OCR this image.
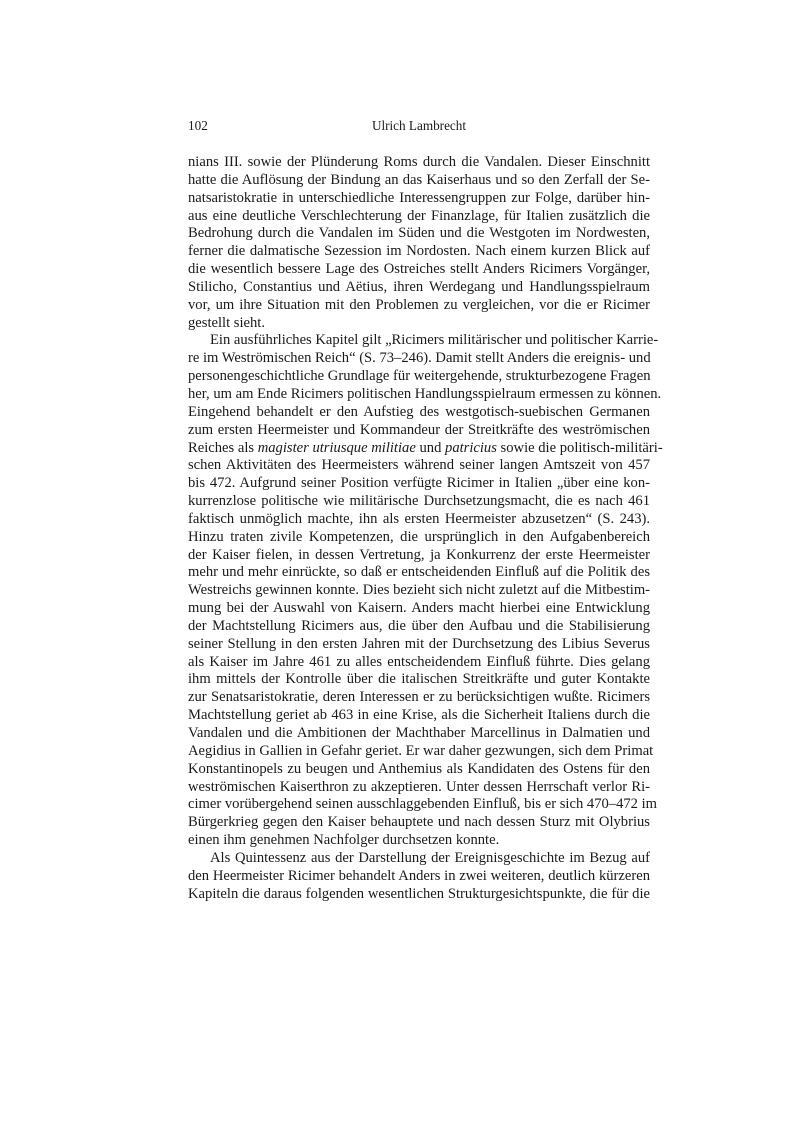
102	Ulrich Lambrecht
nians III. sowie der Plünderung Roms durch die Vandalen. Dieser Einschnitt
hatte die Auflösung der Bindung an das Kaiserhaus und so den Zerfall der Se-
natsaristokratie in unterschiedliche Interessengruppen zur Folge, darüber hin-
aus eine deutliche Verschlechterung der Finanzlage, für Italien zusätzlich die
Bedrohung durch die Vandalen im Süden und die Westgoten im Nordwesten,
ferner die dalmatische Sezession im Nordosten. Nach einem kurzen Blick auf
die wesentlich bessere Lage des Ostreiches stellt Anders Ricimers Vorgänger,
Stilicho, Constantius und Aëtius, ihren Werdegang und Handlungsspielraum
vor, um ihre Situation mit den Problemen zu vergleichen, vor die er Ricimer
gestellt sieht.
Ein ausführliches Kapitel gilt „Ricimers militärischer und politischer Karrie-
re im Weströmischen Reich“ (S. 73–246). Damit stellt Anders die ereignis- und
personengeschichtliche Grundlage für weitergehende, strukturbezogene Fragen
her, um am Ende Ricimers politischen Handlungsspielraum ermessen zu können.
Eingehend behandelt er den Aufstieg des westgotisch-suebischen Germanen
zum ersten Heermeister und Kommandeur der Streitkräfte des weströmischen
Reiches als magister utriusque militiae und patricius sowie die politisch-militäri-
schen Aktivitäten des Heermeisters während seiner langen Amtszeit von 457
bis 472. Aufgrund seiner Position verfügte Ricimer in Italien „über eine kon-
kurrenzlose politische wie militärische Durchsetzungsmacht, die es nach 461
faktisch unmöglich machte, ihn als ersten Heermeister abzusetzen“ (S. 243).
Hinzu traten zivile Kompetenzen, die ursprünglich in den Aufgabenbereich
der Kaiser fielen, in dessen Vertretung, ja Konkurrenz der erste Heermeister
mehr und mehr einrückte, so daß er entscheidenden Einfluß auf die Politik des
Westreichs gewinnen konnte. Dies bezieht sich nicht zuletzt auf die Mitbestim-
mung bei der Auswahl von Kaisern. Anders macht hierbei eine Entwicklung
der Machtstellung Ricimers aus, die über den Aufbau und die Stabilisierung
seiner Stellung in den ersten Jahren mit der Durchsetzung des Libius Severus
als Kaiser im Jahre 461 zu alles entscheidendem Einfluß führte. Dies gelang
ihm mittels der Kontrolle über die italischen Streitkräfte und guter Kontakte
zur Senatsaristokratie, deren Interessen er zu berücksichtigen wußte. Ricimers
Machtstellung geriet ab 463 in eine Krise, als die Sicherheit Italiens durch die
Vandalen und die Ambitionen der Machthaber Marcellinus in Dalmatien und
Aegidius in Gallien in Gefahr geriet. Er war daher gezwungen, sich dem Primat
Konstantinopels zu beugen und Anthemius als Kandidaten des Ostens für den
weströmischen Kaiserthron zu akzeptieren. Unter dessen Herrschaft verlor Ri-
cimer vorübergehend seinen ausschlaggebenden Einfluß, bis er sich 470–472 im
Bürgerkrieg gegen den Kaiser behauptete und nach dessen Sturz mit Olybrius
einen ihm genehmen Nachfolger durchsetzen konnte.
Als Quintessenz aus der Darstellung der Ereignisgeschichte im Bezug auf
den Heermeister Ricimer behandelt Anders in zwei weiteren, deutlich kürzeren
Kapiteln die daraus folgenden wesentlichen Strukturgesichtspunkte, die für die
